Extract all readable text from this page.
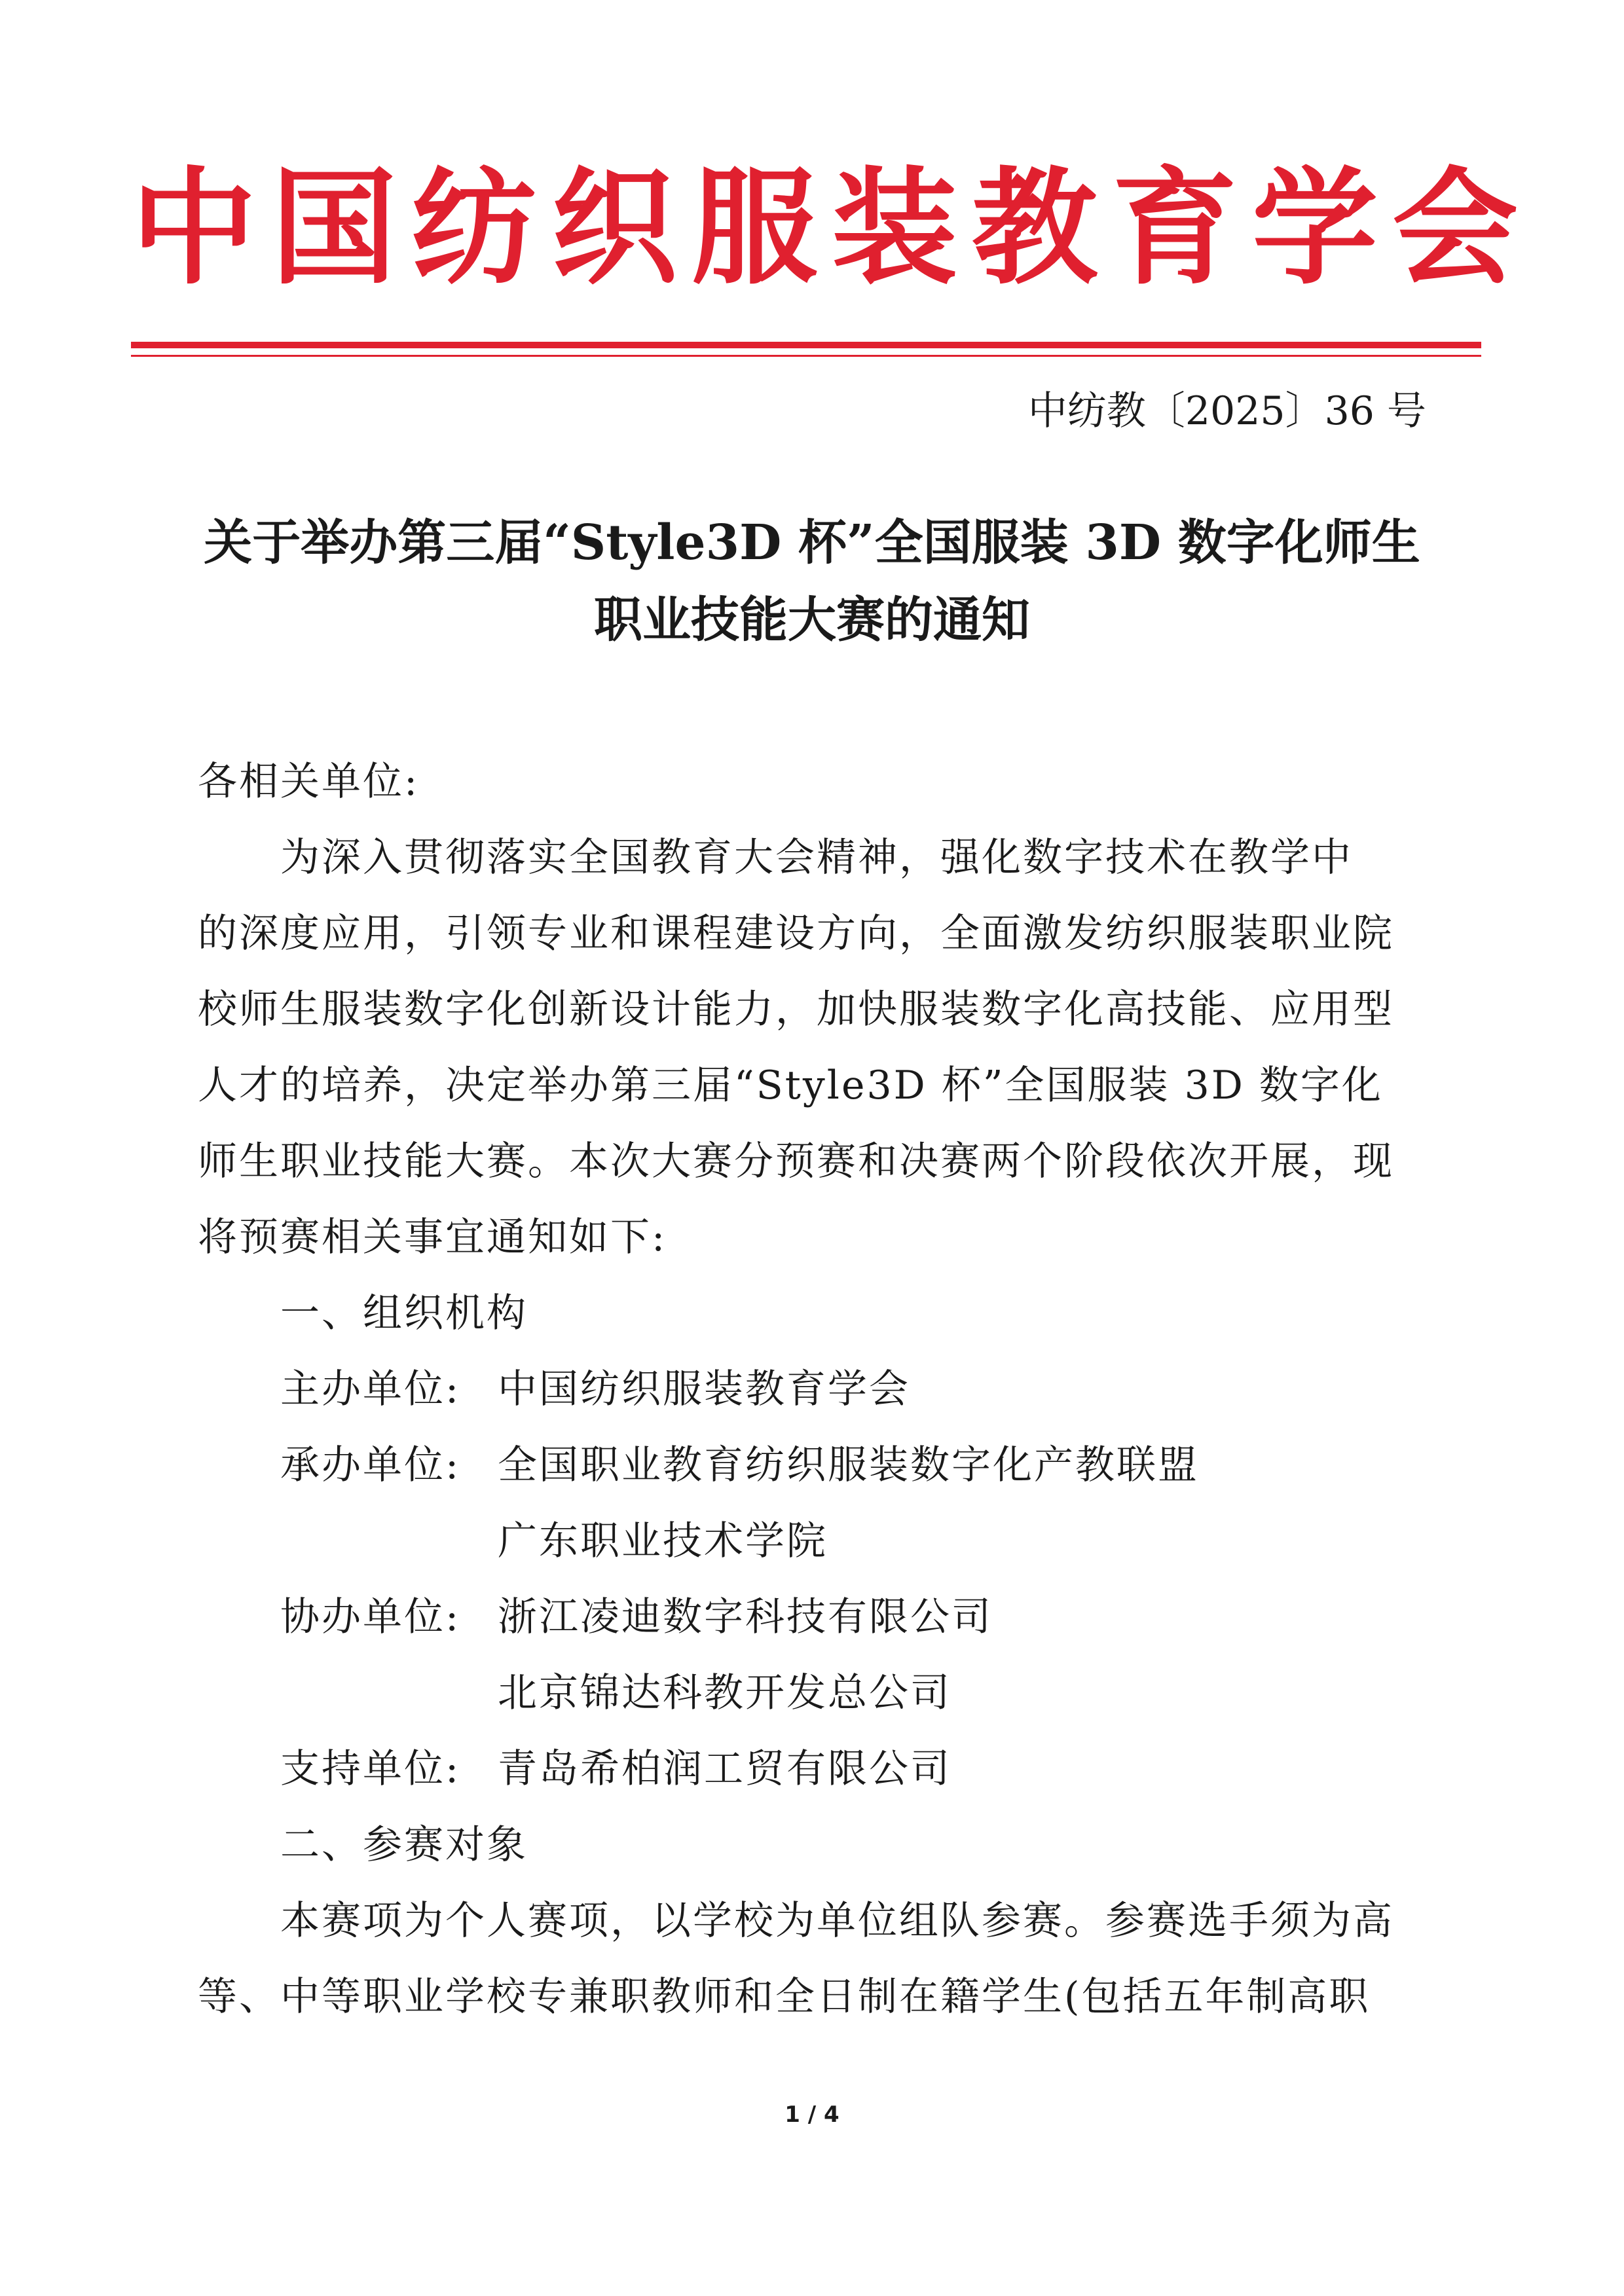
中国纺织服装教育学会
中纺教〔2025〕36 号
关于举办第三届“Style3D 杯”全国服装 3D 数字化师生
职业技能大赛的通知
各相关单位:
为深入贯彻落实全国教育大会精神，强化数字技术在教学中
的深度应用，引领专业和课程建设方向，全面激发纺织服装职业院
校师生服装数字化创新设计能力，加快服装数字化高技能、应用型
人才的培养，决定举办第三届“Style3D 杯”全国服装 3D 数字化
师生职业技能大赛。本次大赛分预赛和决赛两个阶段依次开展，现
将预赛相关事宜通知如下:
一、组织机构
主办单位: 中国纺织服装教育学会
承办单位: 全国职业教育纺织服装数字化产教联盟
广东职业技术学院
协办单位: 浙江凌迪数字科技有限公司
北京锦达科教开发总公司
支持单位: 青岛希柏润工贸有限公司
二、参赛对象
本赛项为个人赛项，以学校为单位组队参赛。参赛选手须为高
等、中等职业学校专兼职教师和全日制在籍学生(包括五年制高职
1 / 4
